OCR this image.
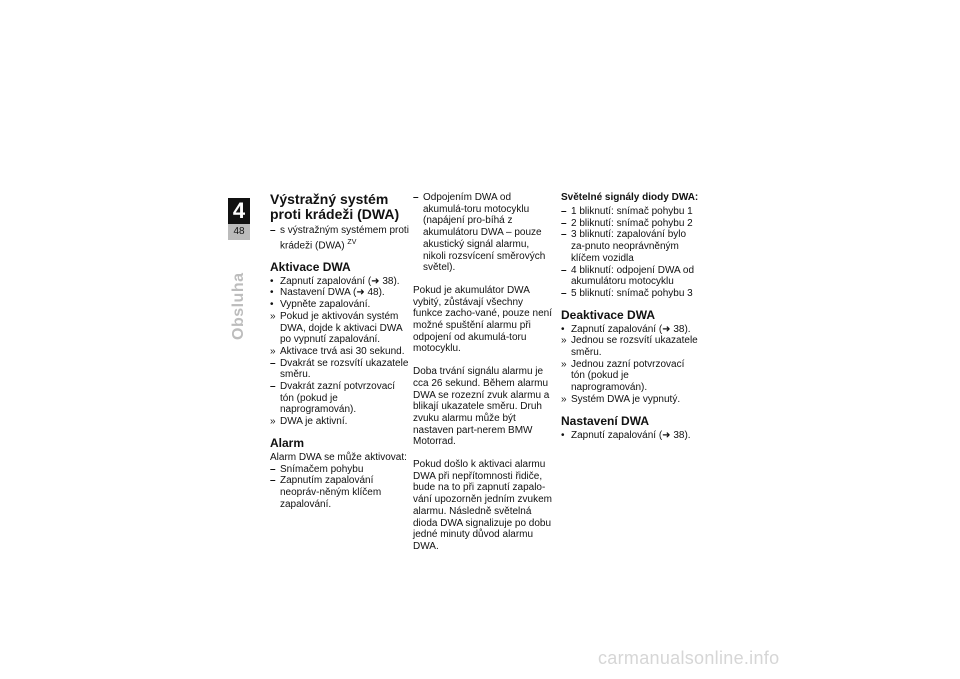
4
48
Obsluha
Výstražný systém proti krádeži (DWA)
– s výstražným systémem proti krádeži (DWA) $^{ZV}$
Aktivace DWA
• Zapnutí zapalování (➜ 38).
• Nastavení DWA (➜ 48).
• Vypněte zapalování.
» Pokud je aktivován systém DWA, dojde k aktivaci DWA po vypnutí zapalování.
» Aktivace trvá asi 30 sekund.
– Dvakrát se rozsvítí ukazatele směru.
– Dvakrát zazní potvrzovací tón (pokud je naprogramován).
» DWA je aktivní.
Alarm
Alarm DWA se může aktivovat:
– Snímačem pohybu
– Zapnutím zapalování neopráv-něným klíčem zapalování.
– Odpojením DWA od akumulá-toru motocyklu (napájení pro-bíhá z akumulátoru DWA – pouze akustický signál alarmu, nikoli rozsvícení směrových světel).

Pokud je akumulátor DWA vybitý, zůstávají všechny funkce zacho-vané, pouze není možné spuštění alarmu při odpojení od akumulá-toru motocyklu.

Doba trvání signálu alarmu je cca 26 sekund. Během alarmu DWA se rozezní zvuk alarmu a blikají ukazatele směru. Druh zvuku alarmu může být nastaven part-nerem BMW Motorrad.

Pokud došlo k aktivaci alarmu DWA při nepřítomnosti řidiče, bude na to při zapnutí zapalo-vání upozorněn jedním zvukem alarmu. Následně světelná dioda DWA signalizuje po dobu jedné minuty důvod alarmu DWA.

Světelné signály diody DWA:
– 1 bliknutí: snímač pohybu 1
– 2 bliknutí: snímač pohybu 2
– 3 bliknutí: zapalování bylo za-pnuto neoprávněným klíčem vozidla
– 4 bliknutí: odpojení DWA od akumulátoru motocyklu
– 5 bliknutí: snímač pohybu 3
Deaktivace DWA
• Zapnutí zapalování (➜ 38).
» Jednou se rozsvítí ukazatele směru.
» Jednou zazní potvrzovací tón (pokud je naprogramován).
» Systém DWA je vypnutý.
Nastavení DWA
• Zapnutí zapalování (➜ 38).
carmanualsonline.info
